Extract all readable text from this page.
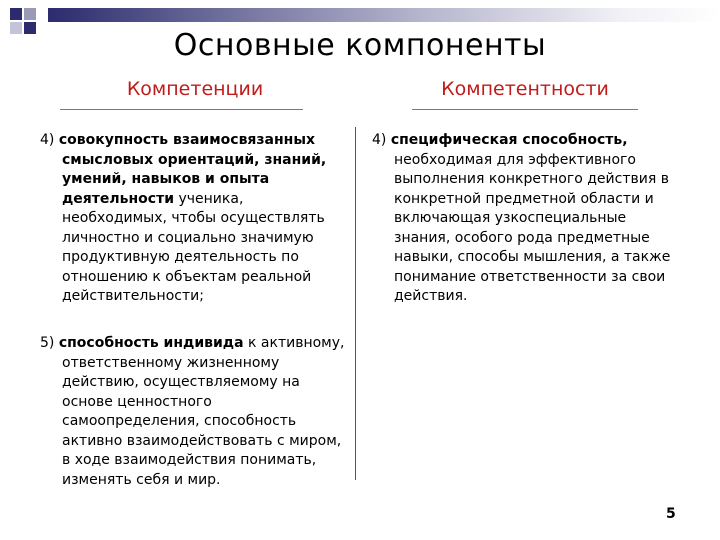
Основные компоненты
Компетенции	Компетентности

4) совокупность взаимосвязанных смысловых ориентаций, знаний, умений, навыков и опыта деятельности ученика, необходимых, чтобы осуществлять личностно и социально значимую продуктивную деятельность по отношению к объектам реальной действительности;

5) способность индивида к активному, ответственному жизненному действию, осуществляемому на основе ценностного самоопределения, способность активно взаимодействовать с миром, в ходе взаимодействия понимать, изменять себя и мир.

4) специфическая способность, необходимая для эффективного выполнения конкретного действия в конкретной предметной области и включающая узкоспециальные знания, особого рода предметные навыки, способы мышления, а также понимание ответственности за свои действия.

5
